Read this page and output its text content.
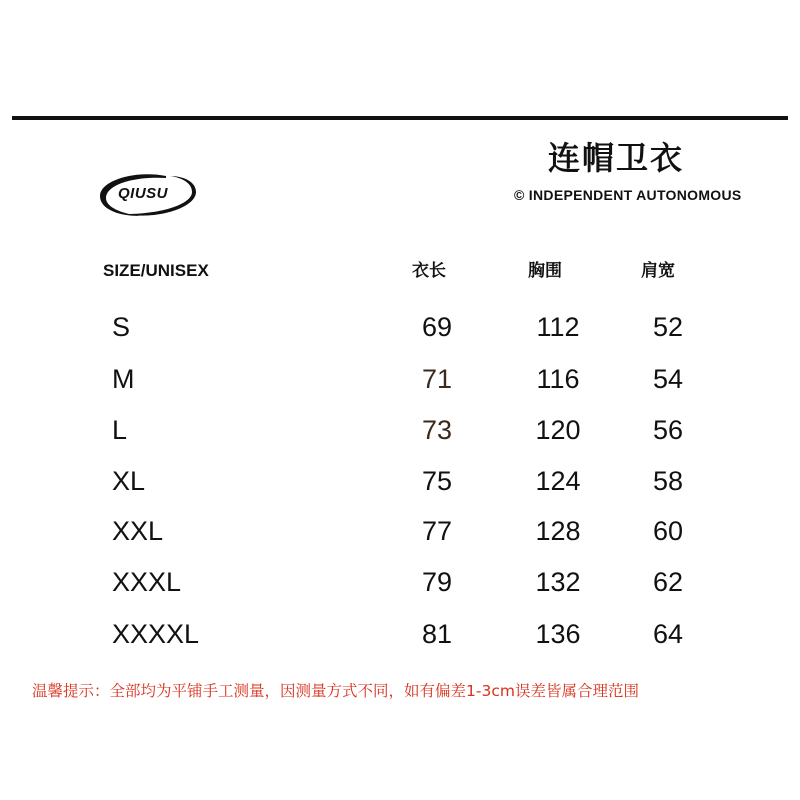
QIUSU
连帽卫衣
© INDEPENDENT AUTONOMOUS
SIZE/UNISEX	衣长	胸围	肩宽
S	69	112	52
M	71	116	54
L	73	120	56
XL	75	124	58
XXL	77	128	60
XXXL	79	132	62
XXXXL	81	136	64
温馨提示：全部均为平铺手工测量，因测量方式不同，如有偏差1-3cm误差皆属合理范围
